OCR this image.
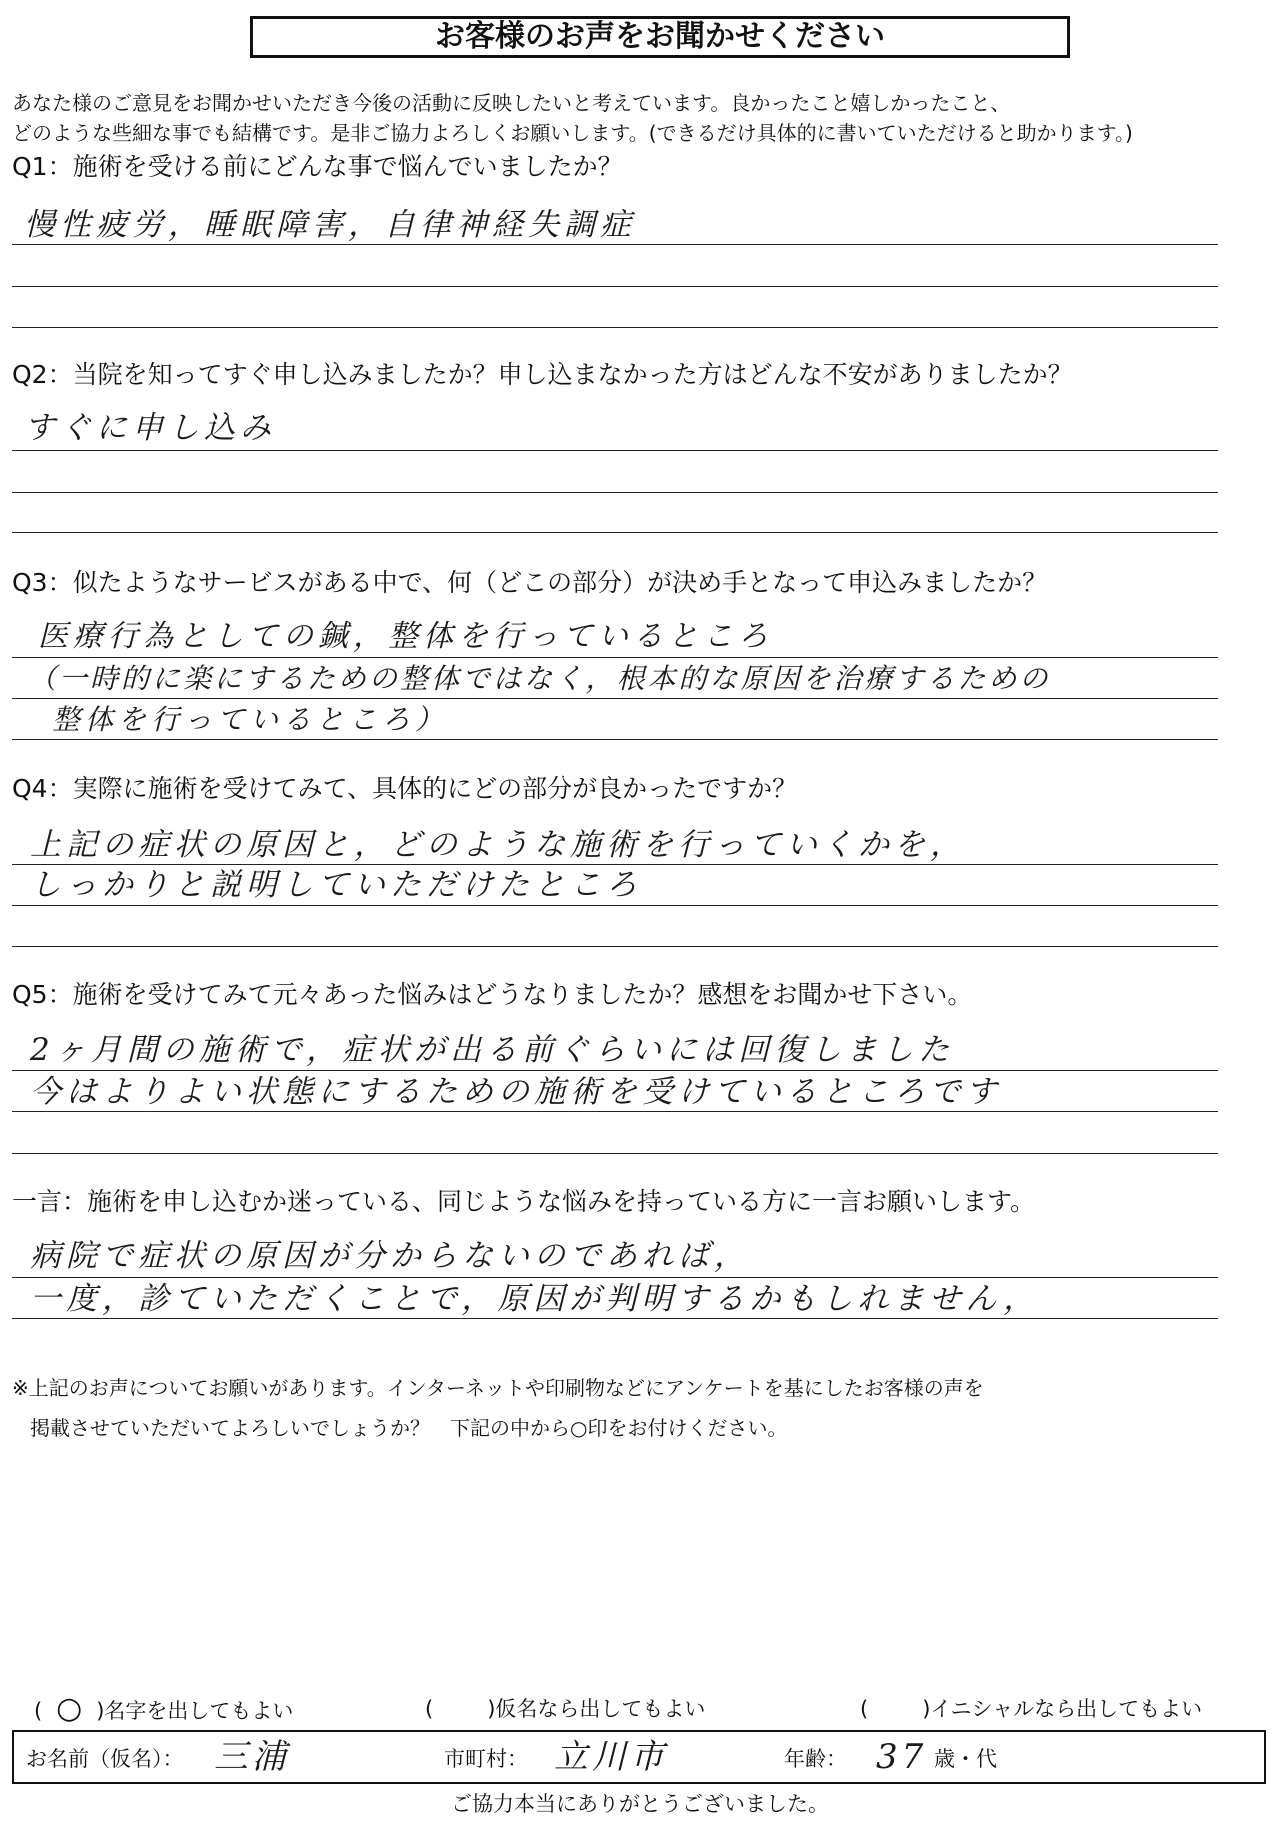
お客様のお声をお聞かせください
あなた様のご意見をお聞かせいただき今後の活動に反映したいと考えています。良かったこと嬉しかったこと、
どのような些細な事でも結構です。是非ご協力よろしくお願いします。(できるだけ具体的に書いていただけると助かります。)
Q1：施術を受ける前にどんな事で悩んでいましたか？
慢性疲労，睡眠障害，自律神経失調症
Q2：当院を知ってすぐ申し込みましたか？申し込まなかった方はどんな不安がありましたか？
すぐに申し込み
Q3：似たようなサービスがある中で、何（どこの部分）が決め手となって申込みましたか？
医療行為としての鍼，整体を行っているところ
（一時的に楽にするための整体ではなく，根本的な原因を治療するための
整体を行っているところ）
Q4：実際に施術を受けてみて、具体的にどの部分が良かったですか？
上記の症状の原因と，どのような施術を行っていくかを，
しっかりと説明していただけたところ
Q5：施術を受けてみて元々あった悩みはどうなりましたか？感想をお聞かせ下さい。
2ヶ月間の施術で，症状が出る前ぐらいには回復しました
今はよりよい状態にするための施術を受けているところです
一言：施術を申し込むか迷っている、同じような悩みを持っている方に一言お願いします。
病院で症状の原因が分からないのであれば，
一度，診ていただくことで，原因が判明するかもしれません，
※上記のお声についてお願いがあります。インターネットや印刷物などにアンケートを基にしたお客様の声を
掲載させていただいてよろしいでしょうか？　下記の中から○印をお付けください。
( ○ )名字を出してもよい	(	)仮名なら出してもよい	(	)イニシャルなら出してもよい
お名前（仮名）： 三浦	市町村： 立川市	年齢： 37 歳・代
ご協力本当にありがとうございました。
